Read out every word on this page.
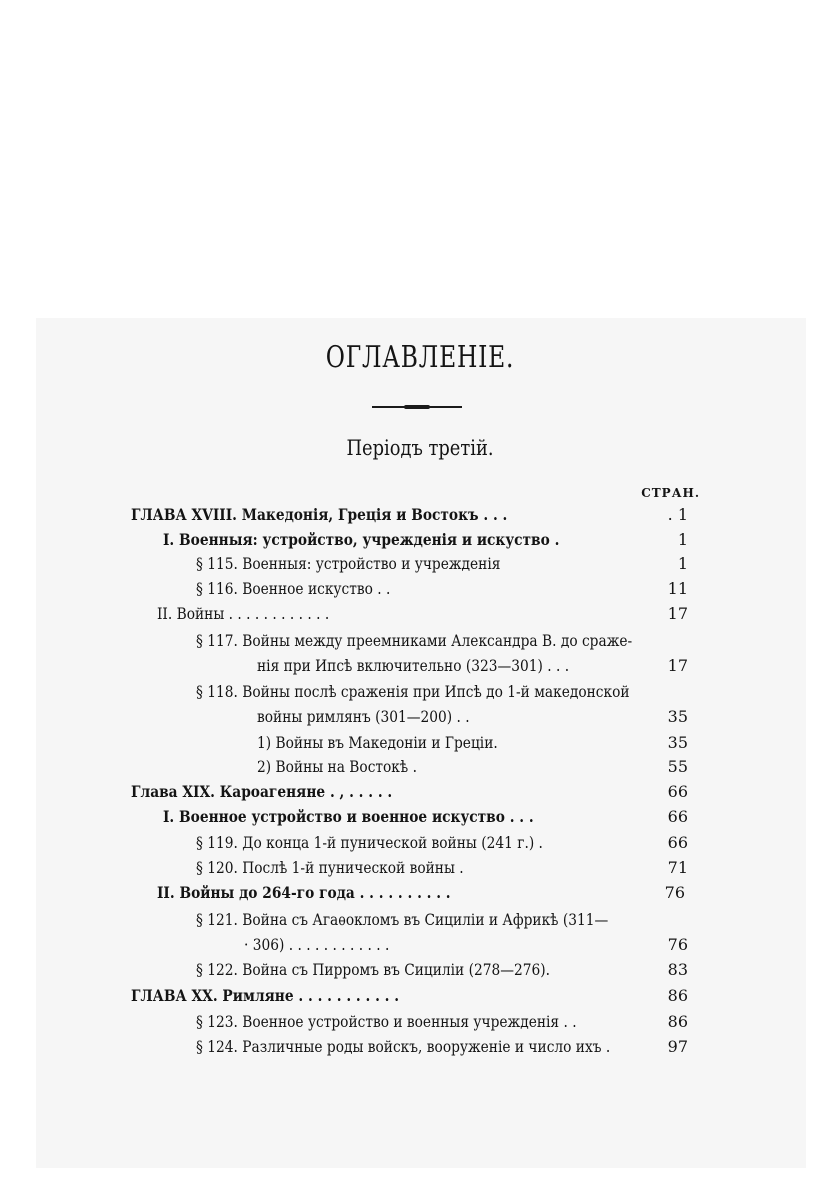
ОГЛАВЛЕНІЕ.
Періодъ третій.
СТРАН.
ГЛАВА XVIII. Македонія, Греція и Востокъ . . .	. 1
I. Военныя: устройство, учрежденія и искуство .	1
§ 115. Военныя: устройство и учрежденія	1
§ 116. Военное искуство . .	11
II. Войны . . . . . . . . . . . .	17
§ 117. Войны между преемниками Александра В. до сраже-
нія при Ипсѣ включительно (323—301) . . .	17
§ 118. Войны послѣ сраженія при Ипсѣ до 1-й македонской
войны римлянъ (301—200) . .	35
1) Войны въ Македоніи и Греціи.	35
2) Войны на Востокѣ .	55
Глава XIX. Кароагеняне . , . . . . .	66
I. Военное устройство и военное искуство . . .	66
§ 119. До конца 1-й пунической войны (241 г.) .	66
§ 120. Послѣ 1-й пунической войны .	71
II. Войны до 264-го года . . . . . . . . . .	76
§ 121. Война съ Агаѳокломъ въ Сициліи и Африкѣ (311—
· 306) . . . . . . . . . . . .	76
§ 122. Война съ Пирромъ въ Сициліи (278—276).	83
ГЛАВА XX. Римляне . . . . . . . . . . .	86
§ 123. Военное устройство и военныя учрежденія . .	86
§ 124. Различные роды войскъ, вооруженіе и число ихъ .	97
